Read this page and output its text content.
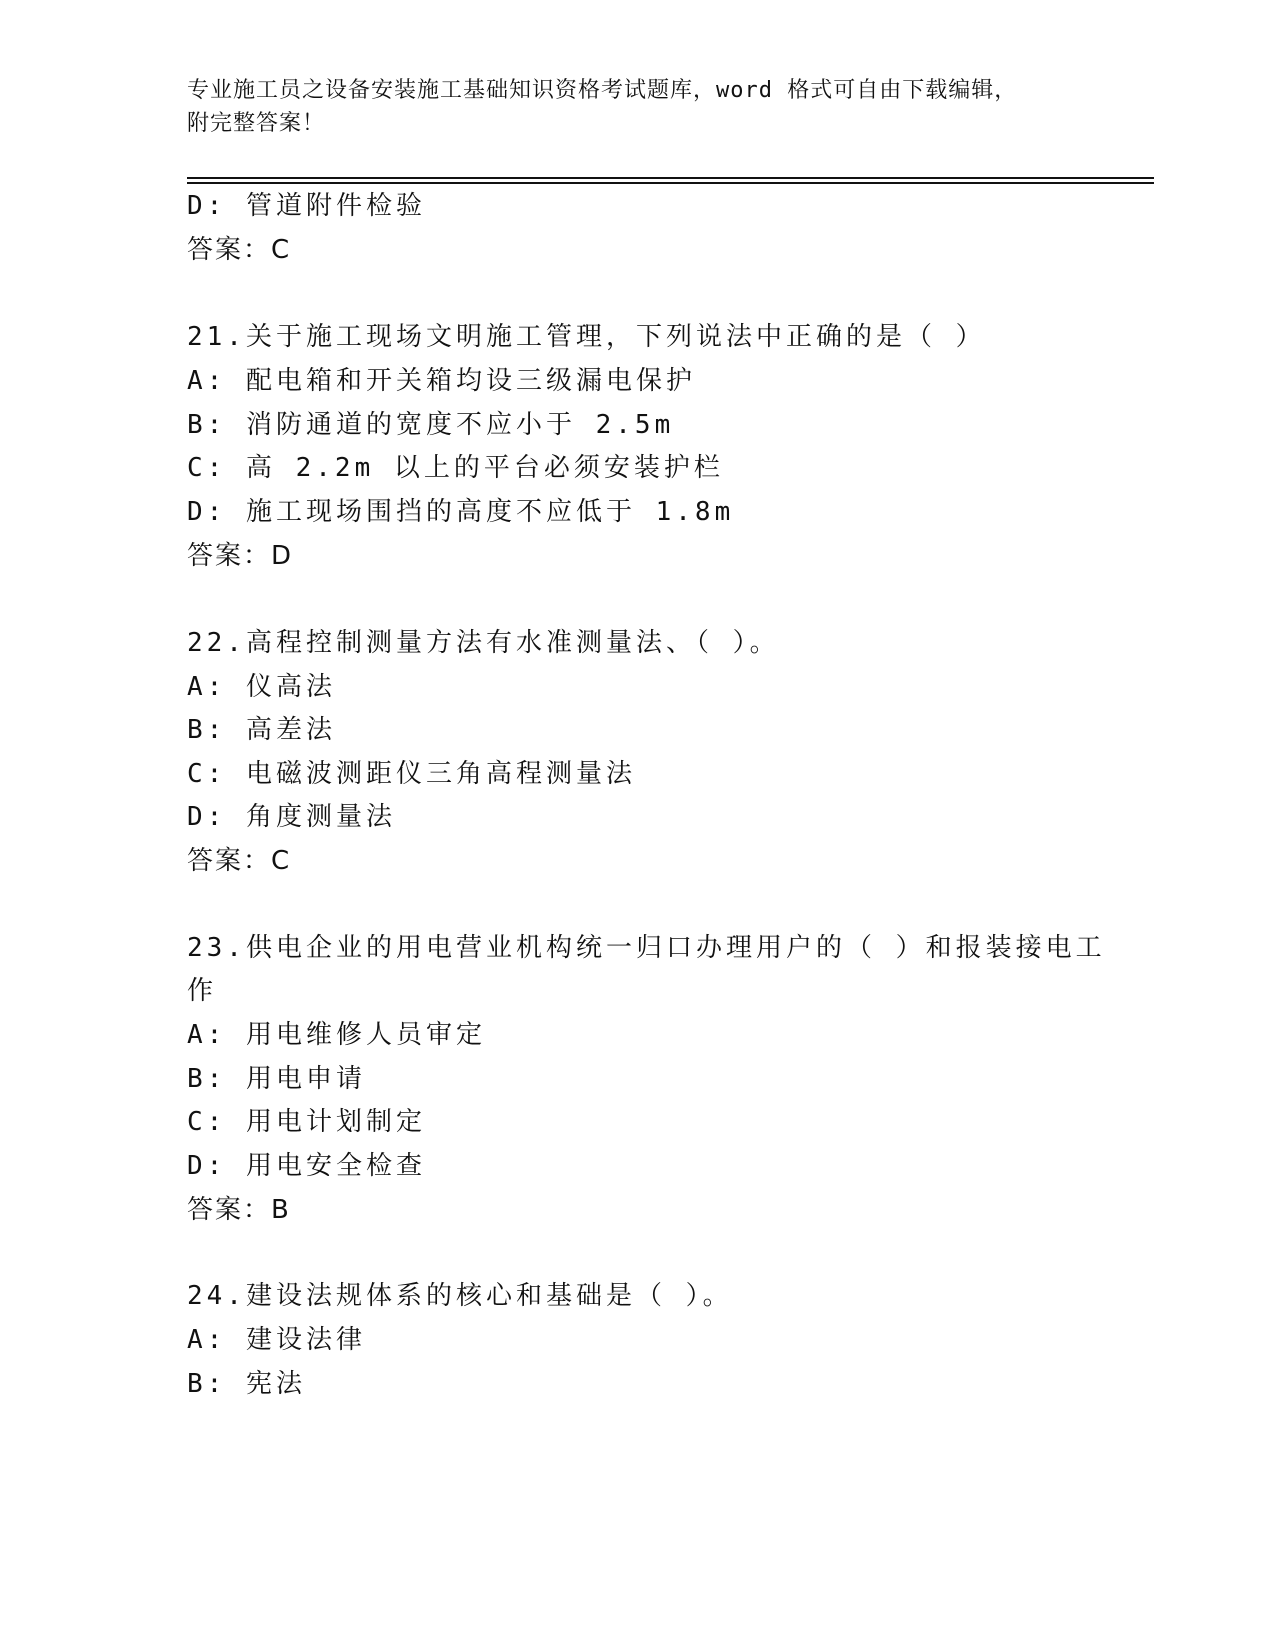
专业施工员之设备安装施工基础知识资格考试题库，word 格式可自由下载编辑，
附完整答案！
D: 管道附件检验
答案：C
21.关于施工现场文明施工管理，下列说法中正确的是（ ）
A: 配电箱和开关箱均设三级漏电保护
B: 消防通道的宽度不应小于 2.5m
C: 高 2.2m 以上的平台必须安装护栏
D: 施工现场围挡的高度不应低于 1.8m
答案：D
22.高程控制测量方法有水准测量法、（ ）。
A: 仪高法
B: 高差法
C: 电磁波测距仪三角高程测量法
D: 角度测量法
答案：C
23.供电企业的用电营业机构统一归口办理用户的（ ）和报装接电工
作
A: 用电维修人员审定
B: 用电申请
C: 用电计划制定
D: 用电安全检查
答案：B
24.建设法规体系的核心和基础是（ ）。
A: 建设法律
B: 宪法
